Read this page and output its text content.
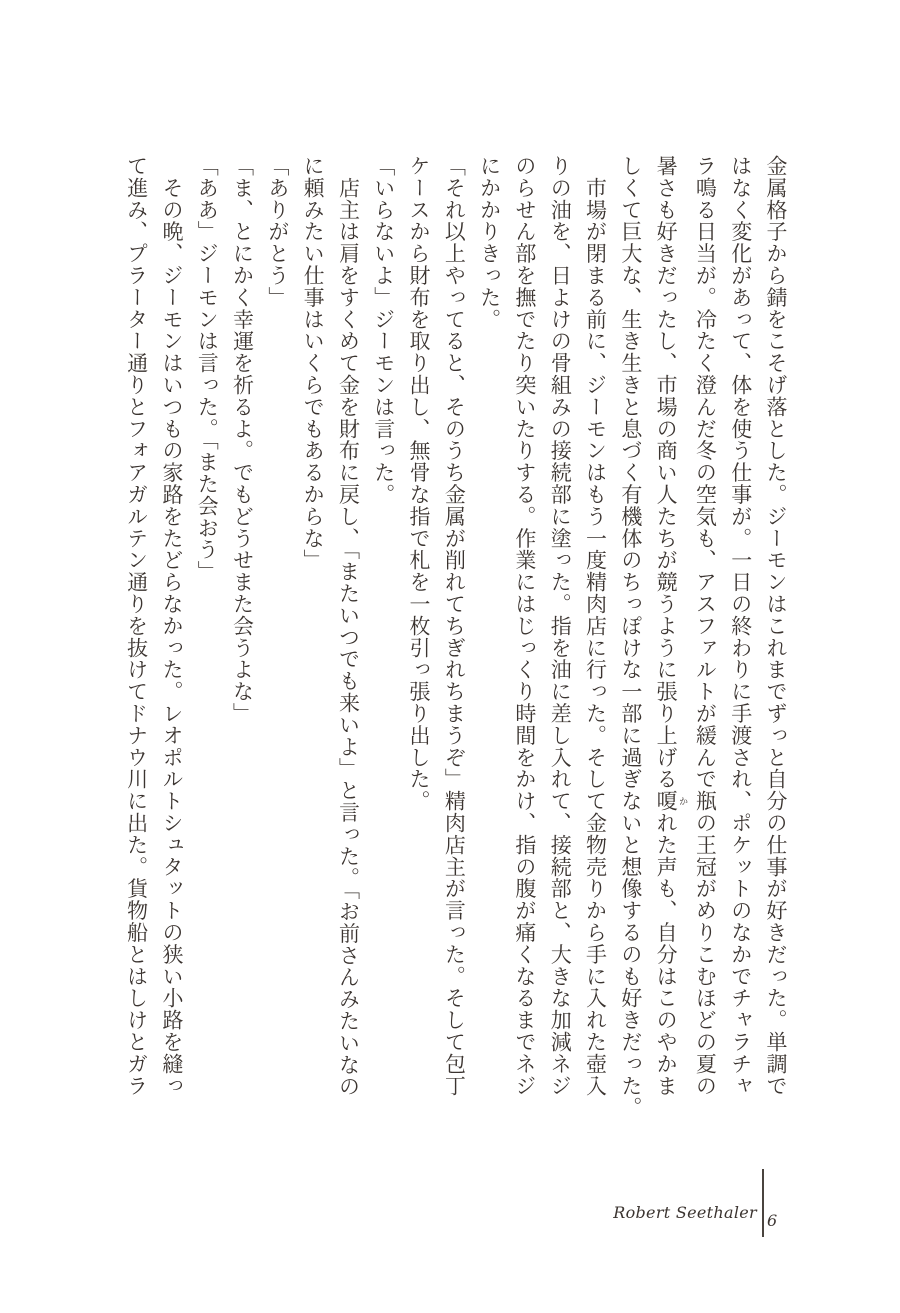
金属格子から錆をこそげ落とした。ジーモンはこれまでずっと自分の仕事が好きだった。単調で
はなく変化があって、体を使う仕事が。一日の終わりに手渡され、ポケットのなかでチャラチャ
ラ鳴る日当が。冷たく澄んだ冬の空気も、アスファルトが緩んで瓶の王冠がめりこむほどの夏の
暑さも好きだったし、市場の商い人たちが競うように張り上げる嗄 かれた声も、自分はこのやかま
しくて巨大な、生き生きと息づく有機体のちっぽけな一部に過ぎないと想像するのも好きだった。
　市場が閉まる前に、ジーモンはもう一度精肉店に行った。そして金物売りから手に入れた壺入
りの油を、日よけの骨組みの接続部に塗った。指を油に差し入れて、接続部と、大きな加減ネジ
のらせん部を撫でたり突いたりする。作業にはじっくり時間をかけ、指の腹が痛くなるまでネジ
にかかりきった。
「それ以上やってると、そのうち金属が削れてちぎれちまうぞ」精肉店主が言った。そして包丁
ケースから財布を取り出し、無骨な指で札を一枚引っ張り出した。
「いらないよ」ジーモンは言った。
　店主は肩をすくめて金を財布に戻し、「またいつでも来いよ」と言った。「お前さんみたいなの
に頼みたい仕事はいくらでもあるからな」
「ありがとう」
「ま、とにかく幸運を祈るよ。でもどうせまた会うよな」
「ああ」ジーモンは言った。「また会おう」
　その晩、ジーモンはいつもの家路をたどらなかった。レオポルトシュタットの狭い小路を縫っ
て進み、プラーター通りとフォアガルテン通りを抜けてドナウ川に出た。貨物船とはしけとガラ
Robert Seethaler 6
